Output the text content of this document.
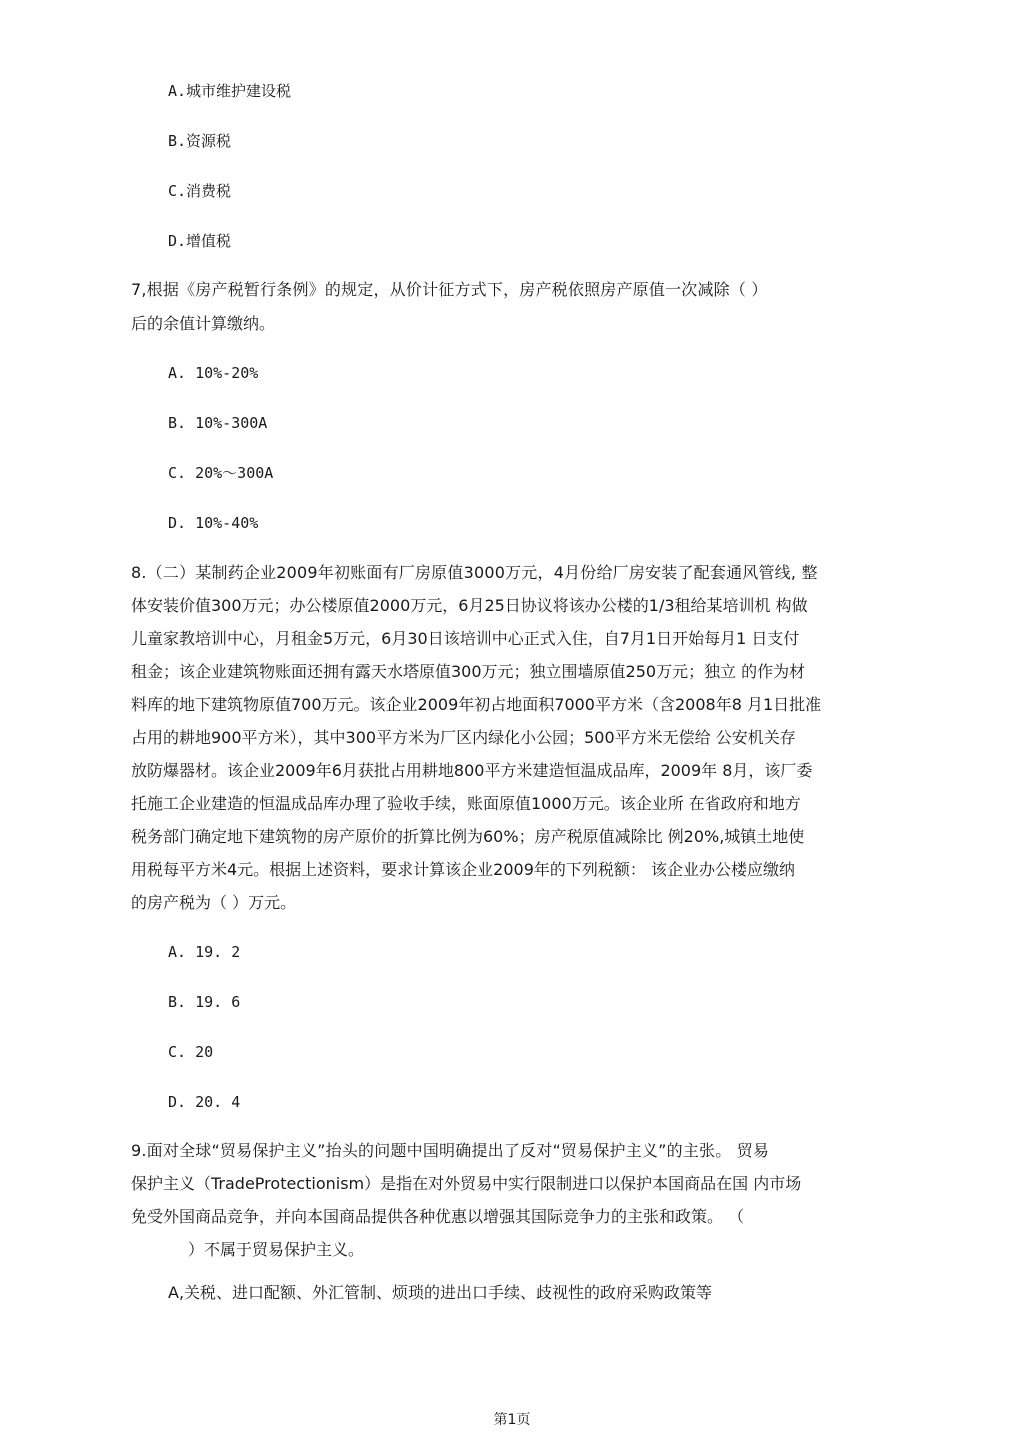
A.城市维护建设税
B.资源税
C.消费税
D.增值税
7,根据《房产税暂行条例》的规定，从价计征方式下，房产税依照房产原值一次减除（ ）
后的余值计算缴纳。
A. 10%-20%
B. 10%-300A
C. 20%〜300A
D. 10%-40%
8.（二）某制药企业2009年初账面有厂房原值3000万元，4月份给厂房安装了配套通风管线, 整
体安装价值300万元；办公楼原值2000万元，6月25日协议将该办公楼的1/3租给某培训机 构做
儿童家教培训中心，月租金5万元，6月30日该培训中心正式入住，自7月1日开始每月1 日支付
租金；该企业建筑物账面还拥有露天水塔原值300万元；独立围墙原值250万元；独立 的作为材
料库的地下建筑物原值700万元。该企业2009年初占地面积7000平方米（含2008年8 月1日批准
占用的耕地900平方米），其中300平方米为厂区内绿化小公园；500平方米无偿给 公安机关存
放防爆器材。该企业2009年6月获批占用耕地800平方米建造恒温成品库，2009年 8月，该厂委
托施工企业建造的恒温成品库办理了验收手续，账面原值1000万元。该企业所 在省政府和地方
税务部门确定地下建筑物的房产原价的折算比例为60%；房产税原值减除比 例20%,城镇土地使
用税每平方米4元。根据上述资料，要求计算该企业2009年的下列税额： 该企业办公楼应缴纳
的房产税为（ ）万元。
A. 19. 2
B. 19. 6
C. 20
D. 20. 4
9.面对全球“贸易保护主义”抬头的问题中国明确提出了反对“贸易保护主义”的主张。 贸易
保护主义（TradeProtectionism）是指在对外贸易中实行限制进口以保护本国商品在国 内市场
免受外国商品竞争，并向本国商品提供各种优惠以增强其国际竞争力的主张和政策。 （
）不属于贸易保护主义。
A,关税、进口配额、外汇管制、烦琐的进出口手续、歧视性的政府采购政策等
第1页
